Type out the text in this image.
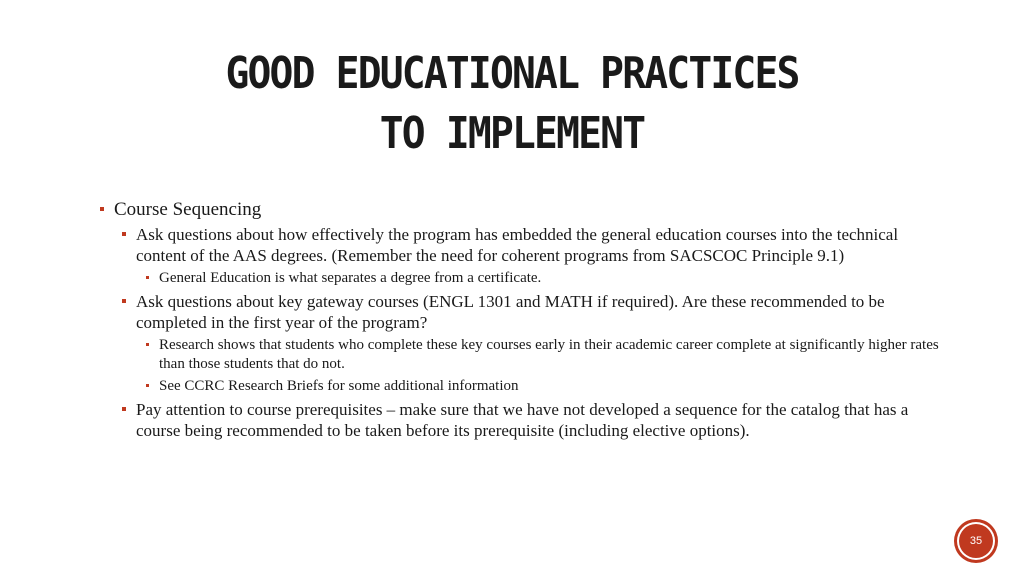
GOOD EDUCATIONAL PRACTICES
TO IMPLEMENT
Course Sequencing
Ask questions about how effectively the program has embedded the general education courses into the technical content of the AAS degrees. (Remember the need for coherent programs from SACSCOC Principle 9.1)
General Education is what separates a degree from a certificate.
Ask questions about key gateway courses (ENGL 1301 and MATH if required). Are these recommended to be completed in the first year of the program?
Research shows that students who complete these key courses early in their academic career complete at significantly higher rates than those students that do not.
See CCRC Research Briefs for some additional information
Pay attention to course prerequisites – make sure that we have not developed a sequence for the catalog that has a course being recommended to be taken before its prerequisite (including elective options).
35
